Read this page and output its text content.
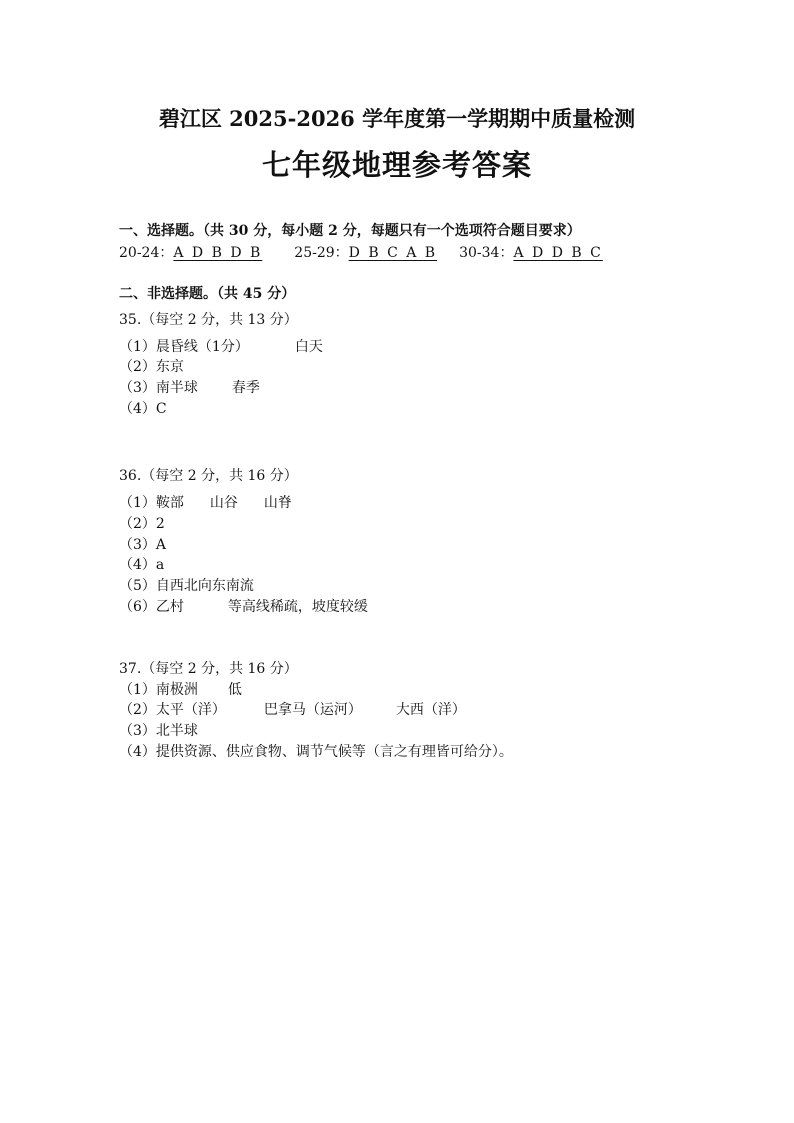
碧江区 2025-2026 学年度第一学期期中质量检测
七年级地理参考答案
一、选择题。（共 30 分，每小题 2 分，每题只有一个选项符合题目要求）
20-24：A D B D B 25-29：D B C A B 30-34：A D D B C
二、非选择题。（共 45 分）
35.（每空 2 分，共 13 分）
（1）晨昏线（1分）	白天
（2）东京
（3）南半球 春季
（4）C
36.（每空 2 分，共 16 分）
（1）鞍部 山谷 山脊
（2）2
（3）A
（4）a
（5）自西北向东南流
（6）乙村	等高线稀疏，坡度较缓
37.（每空 2 分，共 16 分）
（1）南极洲 低
（2）太平（洋）	巴拿马（运河） 大西（洋）
（3）北半球
（4）提供资源、供应食物、调节气候等（言之有理皆可给分）。
